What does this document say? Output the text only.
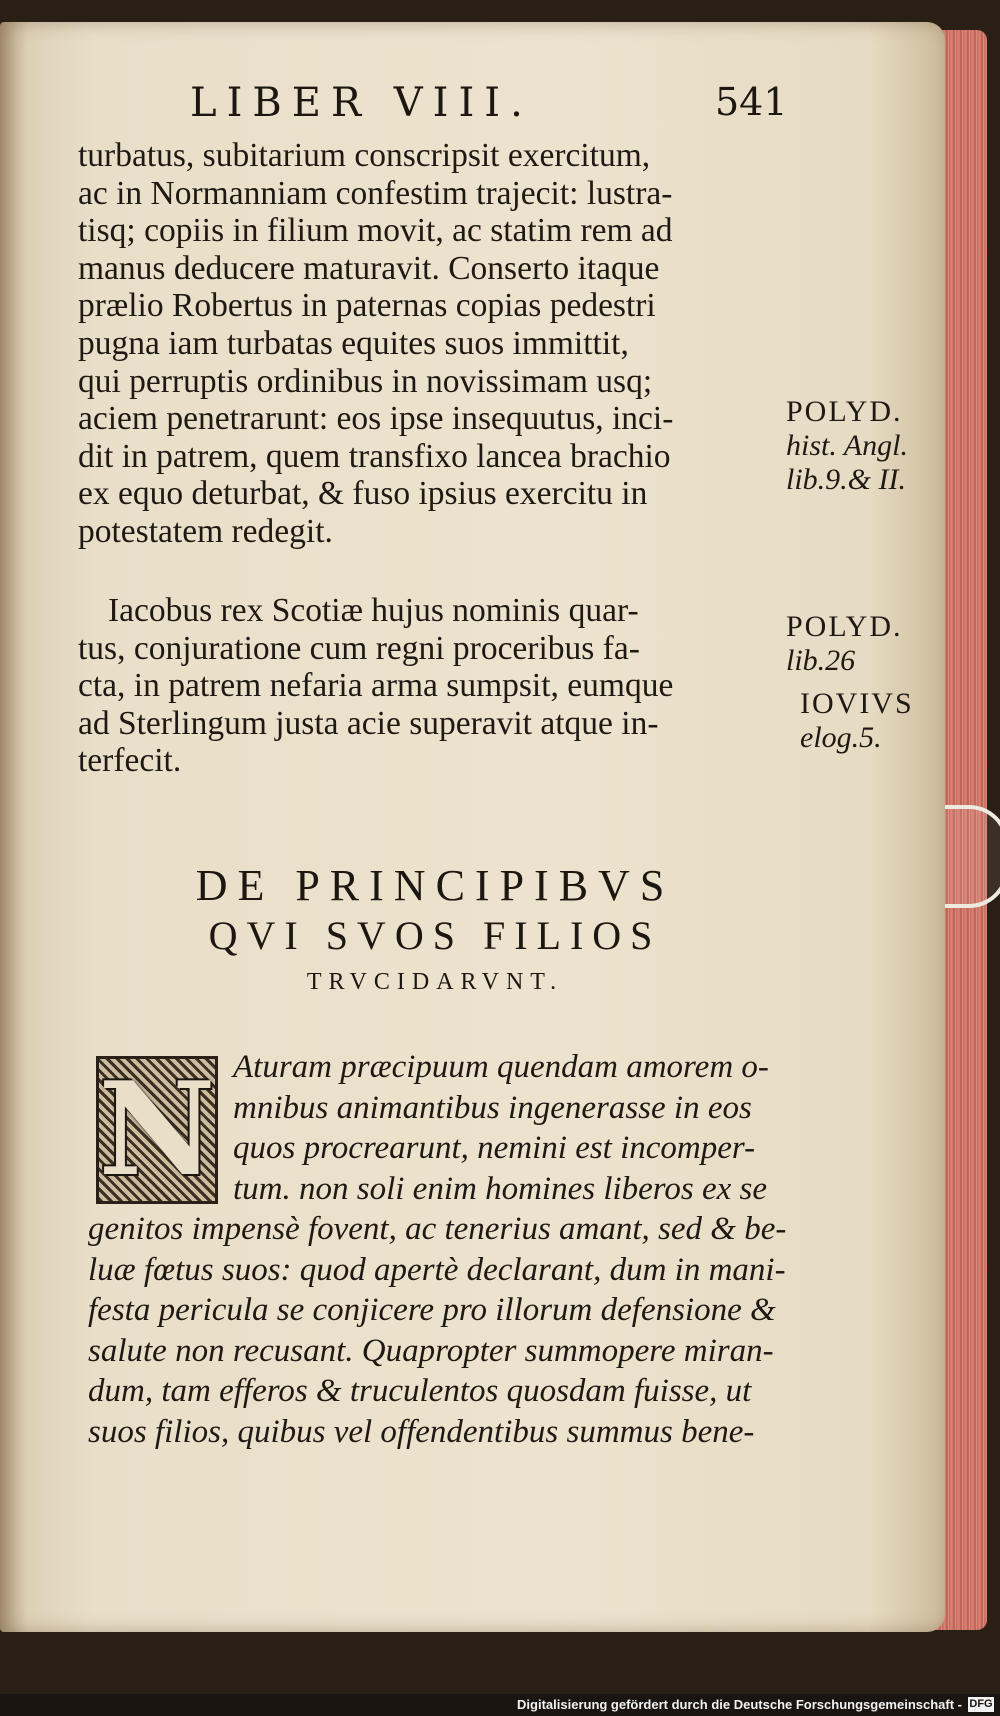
LIBER VIII.	541

turbatus, subitarium conscripsit exercitum,
ac in Normanniam confestim trajecit: lustra-
tisq; copiis in filium movit, ac statim rem ad
manus deducere maturavit. Conserto itaque
prælio Robertus in paternas copias pedestri
pugna iam turbatas equites suos immittit,
qui perruptis ordinibus in novissimam usq;
aciem penetrarunt: eos ipse insequutus, inci-
dit in patrem, quem transfixo lancea brachio
ex equo deturbat, & fuso ipsius exercitu in
potestatem redegit.

Iacobus rex Scotiæ hujus nominis quar-
tus, conjuratione cum regni proceribus fa-
cta, in patrem nefaria arma sumpsit, eumque
ad Sterlingum justa acie superavit atque in-
terfecit.

POLYD.
hist. Angl.
lib.9.& II.
POLYD.
lib.26
IOVIVS
elog.5.
DE PRINCIPIBVS
QVI SVOS FILIOS
TRVCIDARVNT.
N Aturam præcipuum quendam amorem o-
mnibus animantibus ingenerasse in eos
quos procrearunt, nemini est incomper-
tum. non soli enim homines liberos ex se
genitos impensè fovent, ac tenerius amant, sed & be-
luæ fœtus suos: quod apertè declarant, dum in mani-
festa pericula se conjicere pro illorum defensione &
salute non recusant. Quapropter summopere miran-
dum, tam efferos & truculentos quosdam fuisse, ut
suos filios, quibus vel offendentibus summus bene-

Digitalisierung gefördert durch die Deutsche Forschungsgemeinschaft - DFG
